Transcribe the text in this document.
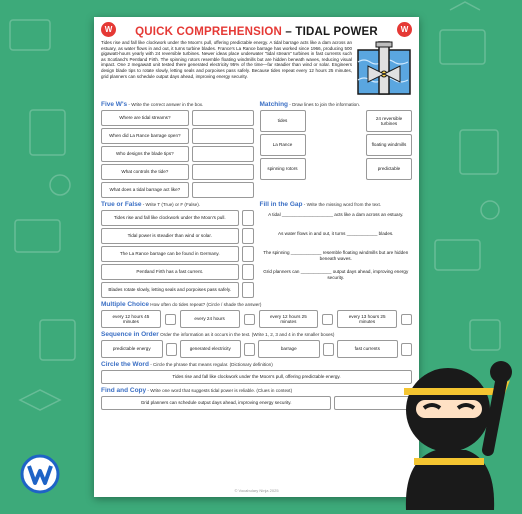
W	QUICK COMPREHENSION – TIDAL POWER	W

Tides rise and fall like clockwork under the Moon's pull, offering predictable energy. A tidal barrage acts like a dam across an estuary, as water flows in and out, it turns turbine blades. France's La Rance barrage has worked since 1966, producing 500 gigawatt-hours yearly with 24 reversible turbines. Newer ideas place underwater "tidal stream" turbines in fast currents such as Scotland's Pentland Firth. The spinning rotors resemble floating windmills but are hidden beneath waves, reducing visual impact. One 2 megawatt unit tested there generated electricity 95% of the time—far steadier than wind or solar. Engineers design blade tips to rotate slowly, letting seals and porpoises pass safely. Because tides repeat every 12 hours 25 minutes, grid planners can schedule output days ahead, improving energy security.

Five W's - Write the correct answer in the box.
Where are tidal streams?
When did La Rance barrage open?
Who designs the blade tips?
What controls the tide?
What does a tidal barrage act like?
Matching - Draw lines to join the information.
tides
24 reversible turbines
La Rance	floating windmills
spinning rotors	predictable
True or False - Write T (True) or F (False).
Tides rise and fall like clockwork under the Moon's pull.
Tidal power is steadier than wind or solar.
The La Rance barrage can be found in Germany.
Pentland Firth has a fast current.
Blades rotate slowly, letting seals and porpoises pass safely.
Fill in the Gap - Write the missing word from the text.
A tidal ____________________ acts like a dam across an estuary.
As water flows in and out, it turns ____________ blades.
The spinning ____________ resemble floating windmills but are hidden beneath waves.
Grid planners can ____________ output days ahead, improving energy security.
Multiple Choice How often do tides repeat? (Circle / shade the answer)
every 12 hours 45 minutes
every 24 hours
every 12 hours 25 minutes
every 13 hours 25 minutes
Sequence in Order Order the information as it occurs in the text. (Write 1, 2, 3 and 4 in the smaller boxes)
predictable energy	generated electricity	barrage	fast currents
Circle the Word - Circle the phrase that means regular. (Dictionary definition)
Tides rise and fall like clockwork under the Moon's pull, offering predictable energy.
Find and Copy - Write one word that suggests tidal power is reliable. (Clues in context)
Grid planners can schedule output days ahead, improving energy security.
© Vocabulary Ninja 2025
